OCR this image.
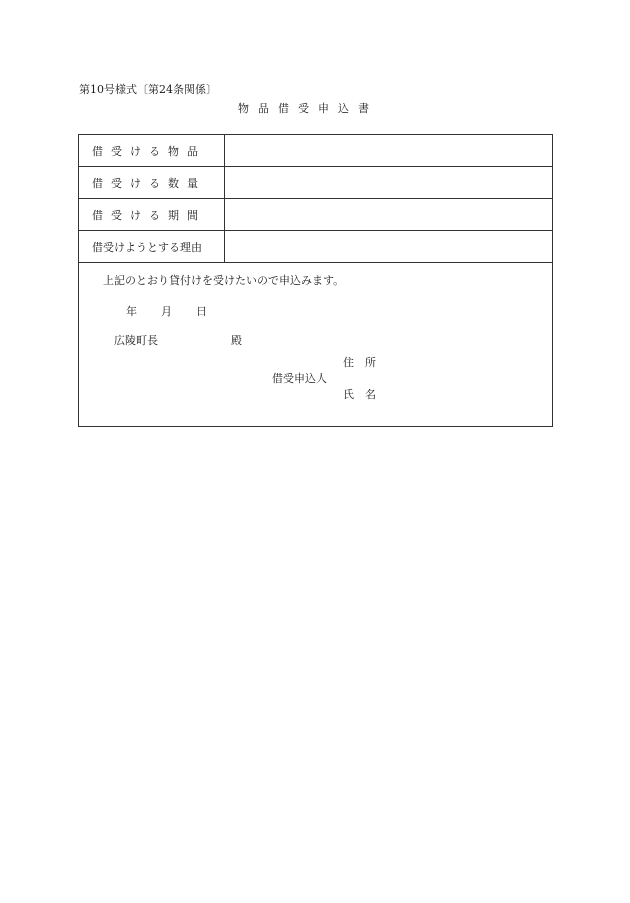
第10号様式〔第24条関係〕
物品借受申込書
借受ける物品
借受ける数量
借受ける期間
借受けようとする理由
上記のとおり貸付けを受けたいので申込みます。
年 月 日
広陵町長	殿
住　所
借受申込人
氏　名
